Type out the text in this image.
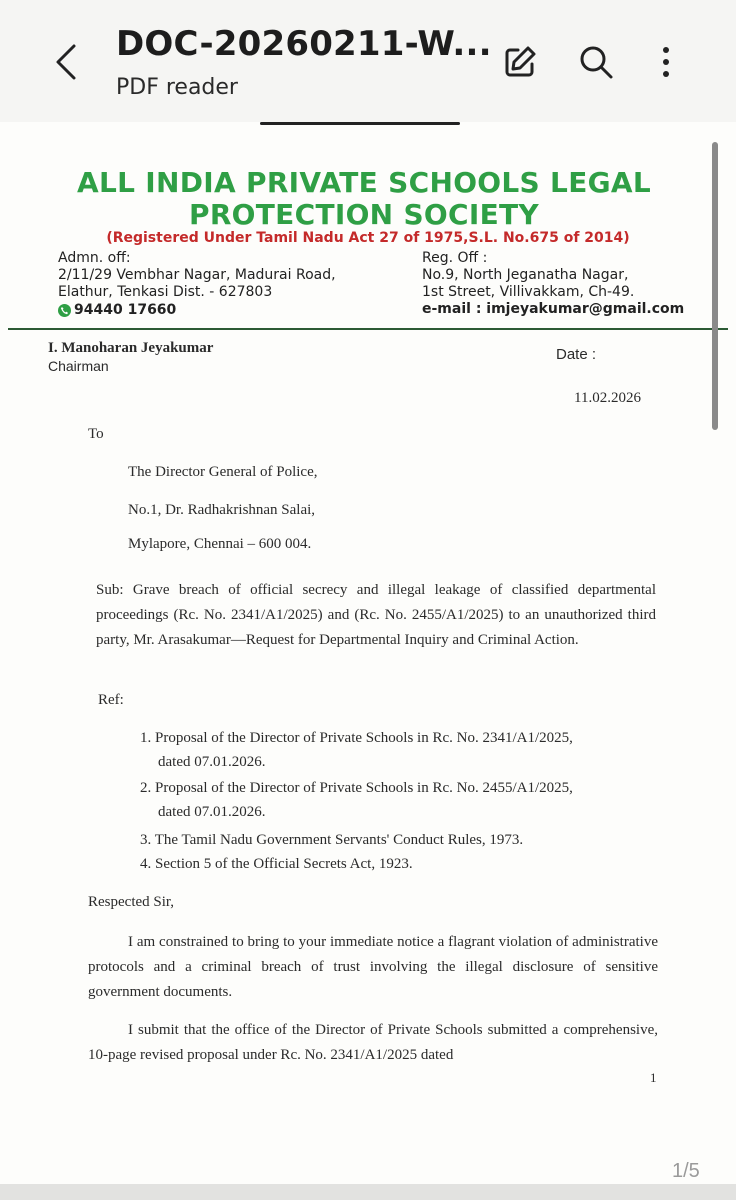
DOC-20260211-W...
PDF reader
ALL INDIA PRIVATE SCHOOLS LEGAL
PROTECTION SOCIETY
(Registered Under Tamil Nadu Act 27 of 1975,S.L. No.675 of 2014)
Admn. off:
2/11/29 Vembhar Nagar, Madurai Road,
Elathur, Tenkasi Dist. - 627803
94440 17660
Reg. Off :
No.9, North Jeganatha Nagar,
1st Street, Villivakkam, Ch-49.
e-mail : imjeyakumar@gmail.com
I. Manoharan Jeyakumar
Chairman
Date :
11.02.2026
To
The Director General of Police,
No.1, Dr. Radhakrishnan Salai,
Mylapore, Chennai – 600 004.
Sub: Grave breach of official secrecy and illegal leakage of classified departmental proceedings (Rc. No. 2341/A1/2025) and (Rc. No. 2455/A1/2025) to an unauthorized third party, Mr. Arasakumar—Request for Departmental Inquiry and Criminal Action.
Ref:
1. Proposal of the Director of Private Schools in Rc. No. 2341/A1/2025,
dated 07.01.2026.
2. Proposal of the Director of Private Schools in Rc. No. 2455/A1/2025,
dated 07.01.2026.
3. The Tamil Nadu Government Servants' Conduct Rules, 1973.
4. Section 5 of the Official Secrets Act, 1923.
Respected Sir,
I am constrained to bring to your immediate notice a flagrant violation of administrative protocols and a criminal breach of trust involving the illegal disclosure of sensitive government documents.
I submit that the office of the Director of Private Schools submitted a comprehensive, 10-page revised proposal under Rc. No. 2341/A1/2025 dated
1
1/5
